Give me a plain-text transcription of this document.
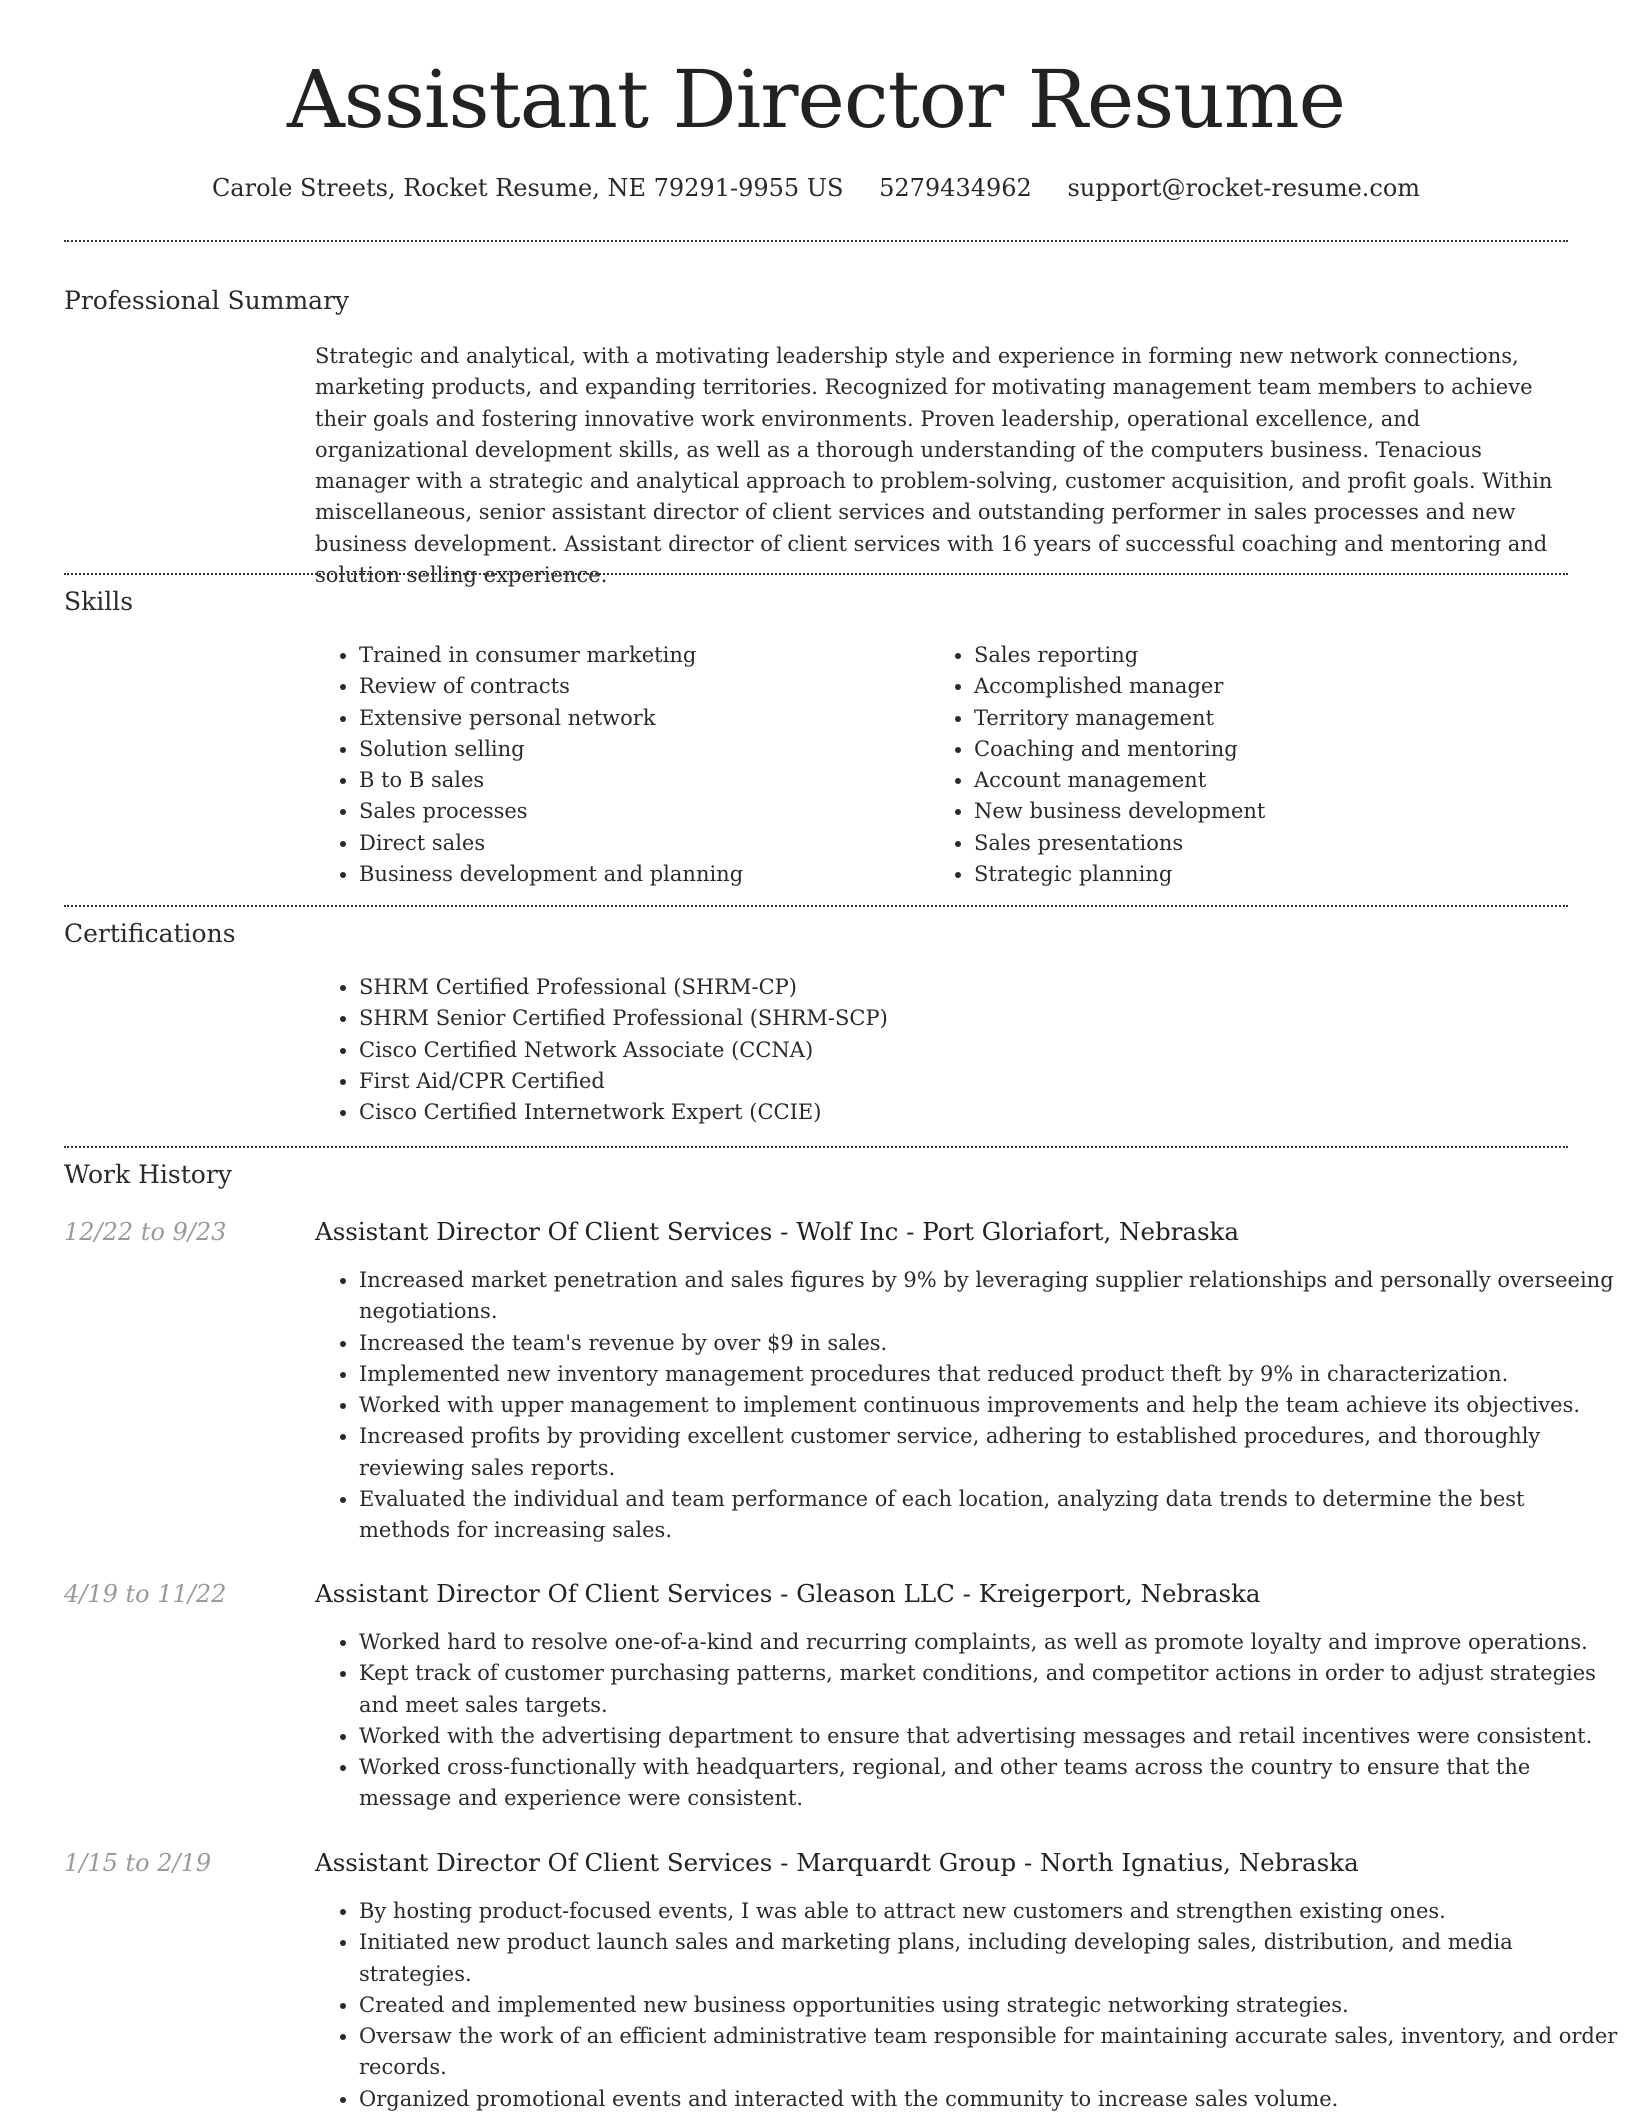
Assistant Director Resume
Carole Streets, Rocket Resume, NE 79291-9955 US 5279434962 support@rocket-resume.com
Professional Summary

Strategic and analytical, with a motivating leadership style and experience in forming new network connections, marketing products, and expanding territories. Recognized for motivating management team members to achieve their goals and fostering innovative work environments. Proven leadership, operational excellence, and organizational development skills, as well as a thorough understanding of the computers business. Tenacious manager with a strategic and analytical approach to problem-solving, customer acquisition, and profit goals. Within miscellaneous, senior assistant director of client services and outstanding performer in sales processes and new business development. Assistant director of client services with 16 years of successful coaching and mentoring and solution selling experience.

Skills
• Trained in consumer marketing
• Review of contracts
• Extensive personal network
• Solution selling
• B to B sales
• Sales processes
• Direct sales
• Business development and planning
• Sales reporting
• Accomplished manager
• Territory management
• Coaching and mentoring
• Account management
• New business development
• Sales presentations
• Strategic planning
Certifications
• SHRM Certified Professional (SHRM-CP)
• SHRM Senior Certified Professional (SHRM-SCP)
• Cisco Certified Network Associate (CCNA)
• First Aid/CPR Certified
• Cisco Certified Internetwork Expert (CCIE)
Work History
12/22 to 9/23	Assistant Director Of Client Services - Wolf Inc - Port Gloriafort, Nebraska
• Increased market penetration and sales figures by 9% by leveraging supplier relationships and personally overseeing negotiations.
• Increased the team's revenue by over $9 in sales.
• Implemented new inventory management procedures that reduced product theft by 9% in characterization.
• Worked with upper management to implement continuous improvements and help the team achieve its objectives.
• Increased profits by providing excellent customer service, adhering to established procedures, and thoroughly reviewing sales reports.
• Evaluated the individual and team performance of each location, analyzing data trends to determine the best methods for increasing sales.
4/19 to 11/22	Assistant Director Of Client Services - Gleason LLC - Kreigerport, Nebraska
• Worked hard to resolve one-of-a-kind and recurring complaints, as well as promote loyalty and improve operations.
• Kept track of customer purchasing patterns, market conditions, and competitor actions in order to adjust strategies and meet sales targets.
• Worked with the advertising department to ensure that advertising messages and retail incentives were consistent.
• Worked cross-functionally with headquarters, regional, and other teams across the country to ensure that the message and experience were consistent.
1/15 to 2/19	Assistant Director Of Client Services - Marquardt Group - North Ignatius, Nebraska
• By hosting product-focused events, I was able to attract new customers and strengthen existing ones.
• Initiated new product launch sales and marketing plans, including developing sales, distribution, and media strategies.
• Created and implemented new business opportunities using strategic networking strategies.
• Oversaw the work of an efficient administrative team responsible for maintaining accurate sales, inventory, and order records.
• Organized promotional events and interacted with the community to increase sales volume.
